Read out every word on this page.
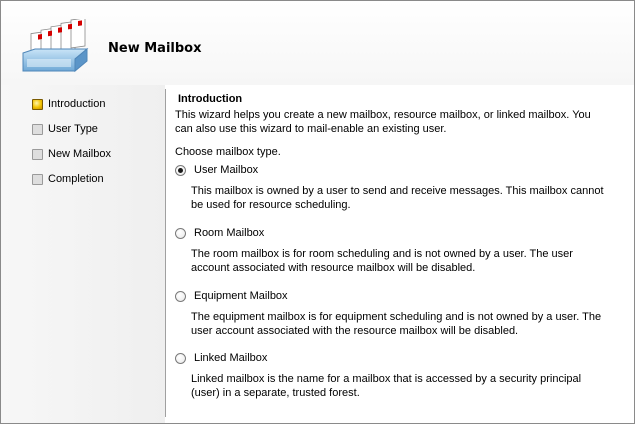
New Mailbox
Introduction
User Type
New Mailbox
Completion
Introduction
This wizard helps you create a new mailbox, resource mailbox, or linked mailbox. You can also use this wizard to mail-enable an existing user.
Choose mailbox type.
User Mailbox
This mailbox is owned by a user to send and receive messages. This mailbox cannot be used for resource scheduling.
Room Mailbox
The room mailbox is for room scheduling and is not owned by a user. The user account associated with resource mailbox will be disabled.
Equipment Mailbox
The equipment mailbox is for equipment scheduling and is not owned by a user. The user account associated with the resource mailbox will be disabled.
Linked Mailbox
Linked mailbox is the name for a mailbox that is accessed by a security principal (user) in a separate, trusted forest.
